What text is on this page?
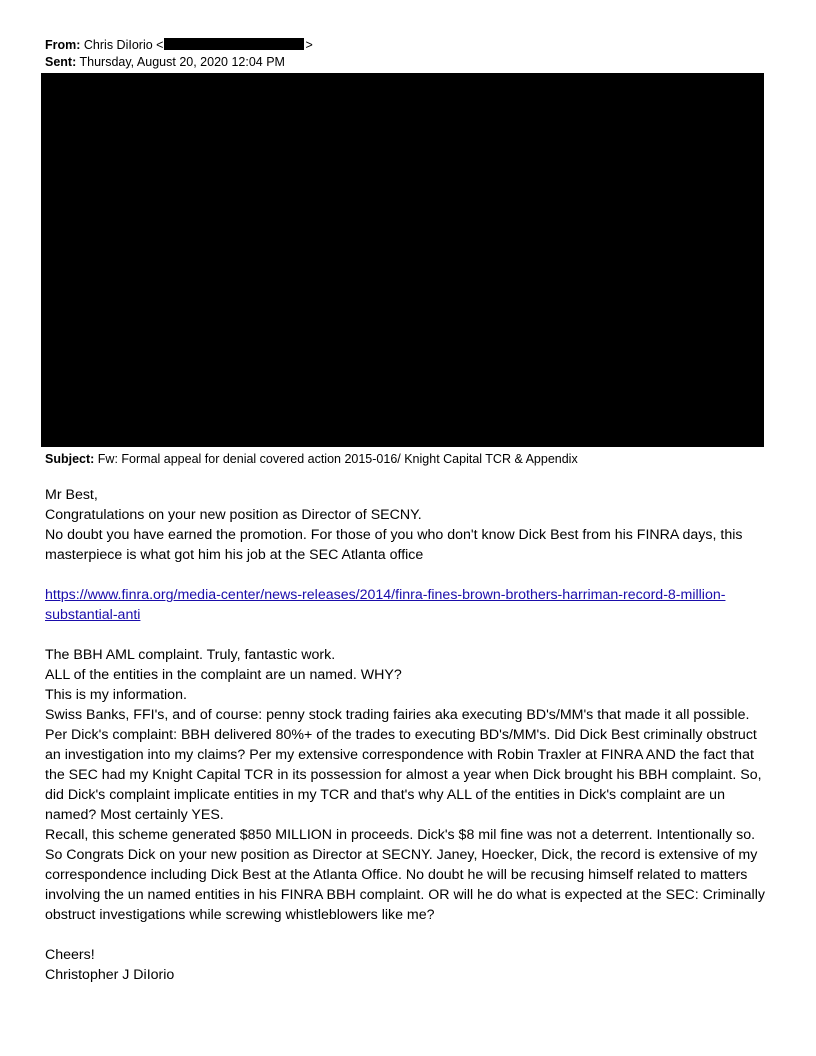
From: Chris DiIorio <	>
Sent: Thursday, August 20, 2020 12:04 PM
Subject: Fw: Formal appeal for denial covered action 2015-016/ Knight Capital TCR & Appendix

Mr Best,

Congratulations on your new position as Director of SECNY.

No doubt you have earned the promotion. For those of you who don't know Dick Best from his FINRA days, this masterpiece is what got him his job at the SEC Atlanta office

https://www.finra.org/media-center/news-releases/2014/finra-fines-brown-brothers-harriman-record-8-million-substantial-anti

The BBH AML complaint. Truly, fantastic work.

ALL of the entities in the complaint are un named. WHY?

This is my information.

Swiss Banks, FFI's, and of course: penny stock trading fairies aka executing BD's/MM's that made it all possible.

Per Dick's complaint: BBH delivered 80%+ of the trades to executing BD's/MM's. Did Dick Best criminally obstruct an investigation into my claims? Per my extensive correspondence with Robin Traxler at FINRA AND the fact that the SEC had my Knight Capital TCR in its possession for almost a year when Dick brought his BBH complaint. So, did Dick's complaint implicate entities in my TCR and that's why ALL of the entities in Dick's complaint are un named? Most certainly YES.

Recall, this scheme generated $850 MILLION in proceeds. Dick's $8 mil fine was not a deterrent. Intentionally so.

So Congrats Dick on your new position as Director at SECNY. Janey, Hoecker, Dick, the record is extensive of my correspondence including Dick Best at the Atlanta Office. No doubt he will be recusing himself related to matters involving the un named entities in his FINRA BBH complaint. OR will he do what is expected at the SEC: Criminally obstruct investigations while screwing whistleblowers like me?

Cheers!

Christopher J DiIorio
